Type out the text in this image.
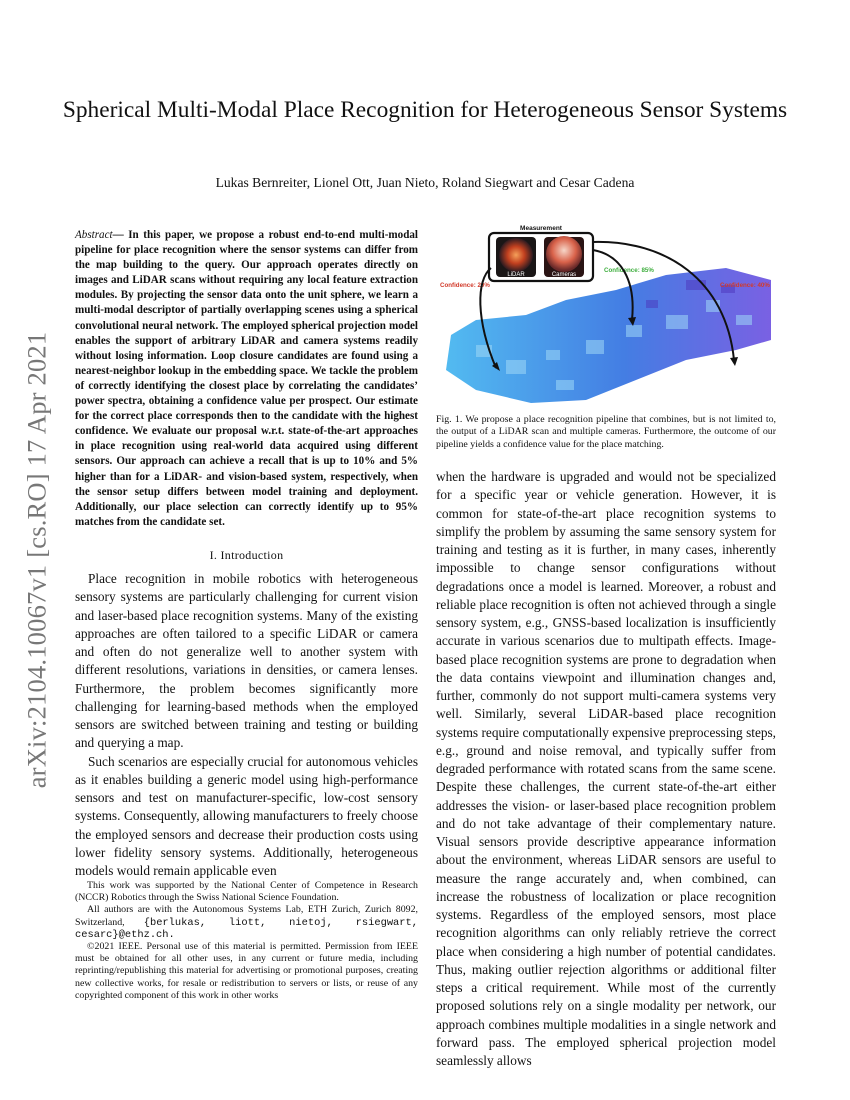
arXiv:2104.10067v1 [cs.RO] 17 Apr 2021
Spherical Multi-Modal Place Recognition for Heterogeneous Sensor Systems
Lukas Bernreiter, Lionel Ott, Juan Nieto, Roland Siegwart and Cesar Cadena

Abstract— In this paper, we propose a robust end-to-end multi-modal pipeline for place recognition where the sensor systems can differ from the map building to the query. Our approach operates directly on images and LiDAR scans without requiring any local feature extraction modules. By projecting the sensor data onto the unit sphere, we learn a multi-modal descriptor of partially overlapping scenes using a spherical convolutional neural network. The employed spherical projection model enables the support of arbitrary LiDAR and camera systems readily without losing information. Loop closure candidates are found using a nearest-neighbor lookup in the embedding space. We tackle the problem of correctly identifying the closest place by correlating the candidates’ power spectra, obtaining a confidence value per prospect. Our estimate for the correct place corresponds then to the candidate with the highest confidence. We evaluate our proposal w.r.t. state-of-the-art approaches in place recognition using real-world data acquired using different sensors. Our approach can achieve a recall that is up to 10% and 5% higher than for a LiDAR- and vision-based system, respectively, when the sensor setup differs between model training and deployment. Additionally, our place selection can correctly identify up to 95% matches from the candidate set.

I. Introduction

Place recognition in mobile robotics with heterogeneous sensory systems are particularly challenging for current vision and laser-based place recognition systems. Many of the existing approaches are often tailored to a specific LiDAR or camera and often do not generalize well to another system with different resolutions, variations in densities, or camera lenses. Furthermore, the problem becomes significantly more challenging for learning-based methods when the employed sensors are switched between training and testing or building and querying a map.

Such scenarios are especially crucial for autonomous vehicles as it enables building a generic model using high-performance sensors and test on manufacturer-specific, low-cost sensory systems. Consequently, allowing manufacturers to freely choose the employed sensors and decrease their production costs using lower fidelity sensory systems. Additionally, heterogeneous models would remain applicable even

This work was supported by the National Center of Competence in Research (NCCR) Robotics through the Swiss National Science Foundation.

All authors are with the Autonomous Systems Lab, ETH Zurich, Zurich 8092, Switzerland, {berlukas, liott, nietoj, rsiegwart, cesarc}@ethz.ch.

©2021 IEEE. Personal use of this material is permitted. Permission from IEEE must be obtained for all other uses, in any current or future media, including reprinting/republishing this material for advertising or promotional purposes, creating new collective works, for resale or redistribution to servers or lists, or reuse of any copyrighted component of this work in other works

Measurement
LiDAR	Cameras
Confidence: 20%
Confidence: 85%
Confidence: 40%
Fig. 1. We propose a place recognition pipeline that combines, but is not limited to, the output of a LiDAR scan and multiple cameras. Furthermore, the outcome of our pipeline yields a confidence value for the place matching.

when the hardware is upgraded and would not be specialized for a specific year or vehicle generation. However, it is common for state-of-the-art place recognition systems to simplify the problem by assuming the same sensory system for training and testing as it is further, in many cases, inherently impossible to change sensor configurations without degradations once a model is learned. Moreover, a robust and reliable place recognition is often not achieved through a single sensory system, e.g., GNSS-based localization is insufficiently accurate in various scenarios due to multipath effects. Image-based place recognition systems are prone to degradation when the data contains viewpoint and illumination changes and, further, commonly do not support multi-camera systems very well. Similarly, several LiDAR-based place recognition systems require computationally expensive preprocessing steps, e.g., ground and noise removal, and typically suffer from degraded performance with rotated scans from the same scene. Despite these challenges, the current state-of-the-art either addresses the vision- or laser-based place recognition problem and do not take advantage of their complementary nature. Visual sensors provide descriptive appearance information about the environment, whereas LiDAR sensors are useful to measure the range accurately and, when combined, can increase the robustness of localization or place recognition systems. Regardless of the employed sensors, most place recognition algorithms can only reliably retrieve the correct place when considering a high number of potential candidates. Thus, making outlier rejection algorithms or additional filter steps a critical requirement. While most of the currently proposed solutions rely on a single modality per network, our approach combines multiple modalities in a single network and forward pass. The employed spherical projection model seamlessly allows
